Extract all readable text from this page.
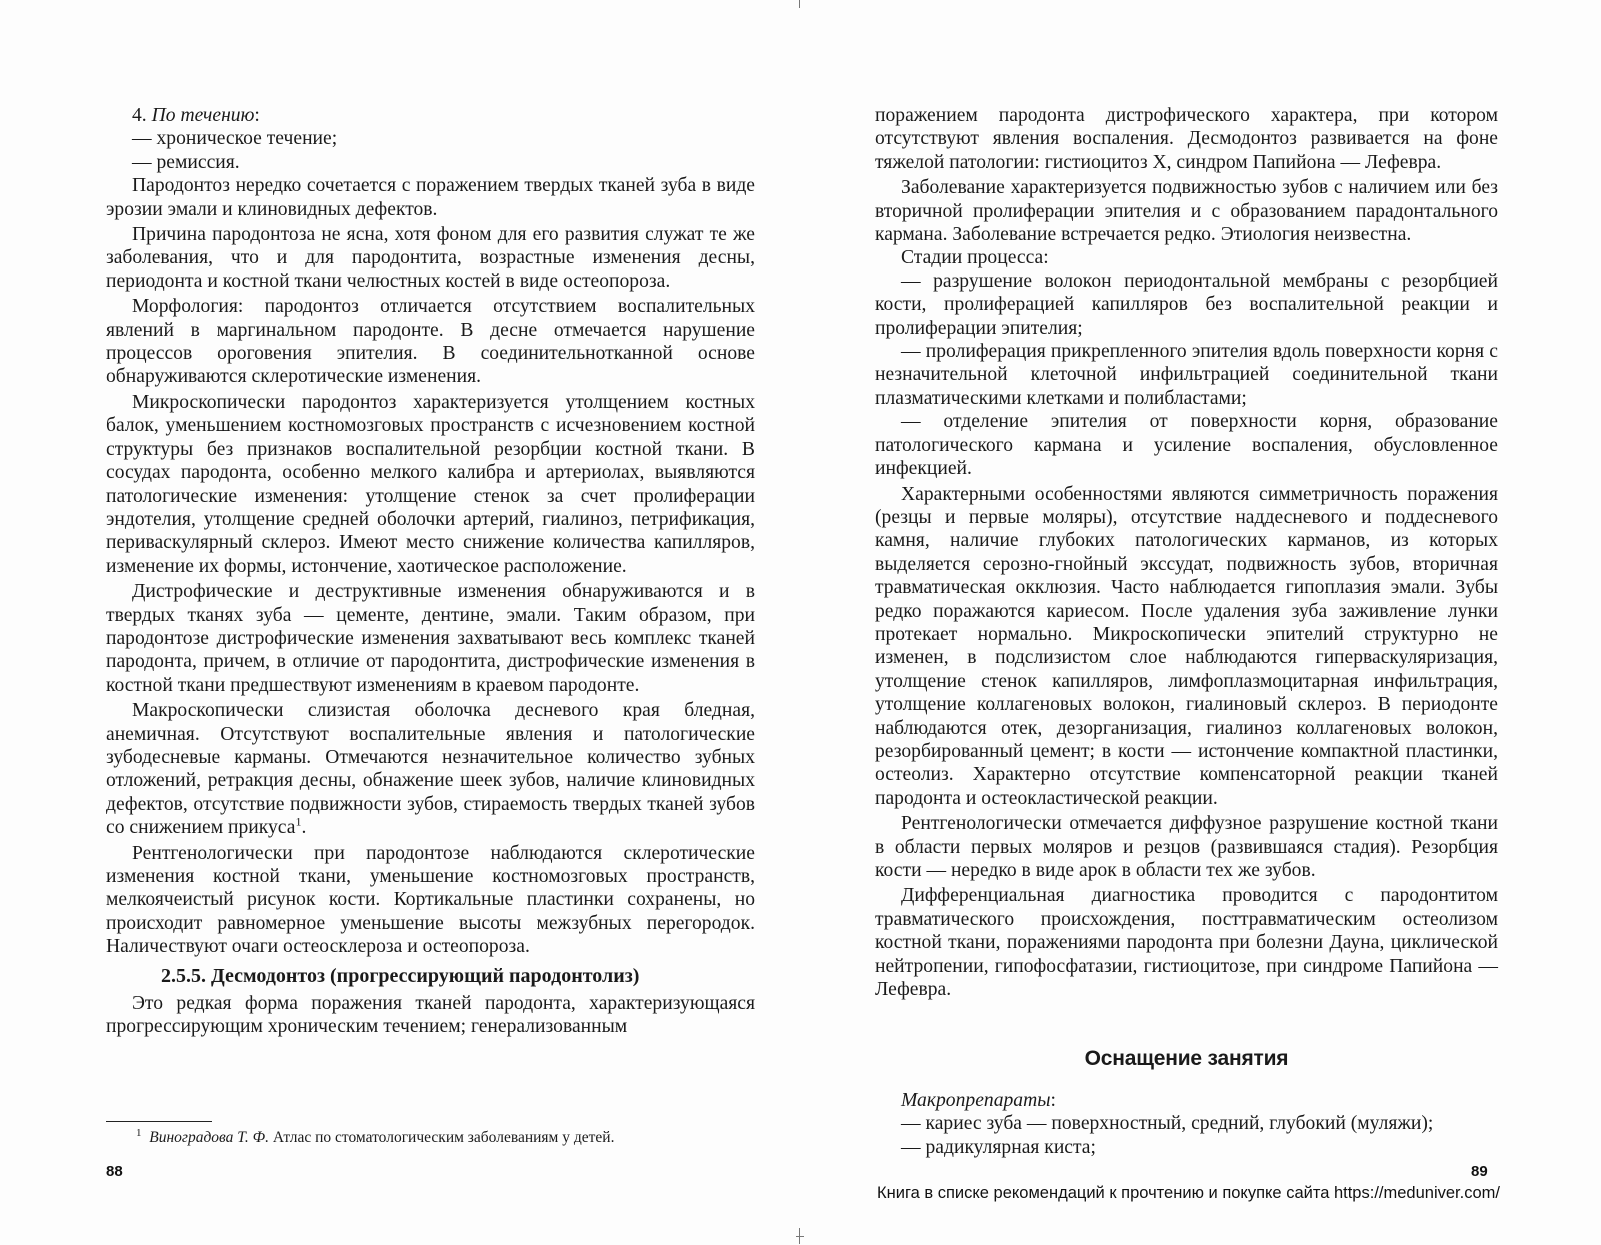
4. По течению:

— хроническое течение;

— ремиссия.

Пародонтоз нередко сочетается с поражением твердых тканей зуба в виде эрозии эмали и клиновидных дефектов.

Причина пародонтоза не ясна, хотя фоном для его развития служат те же заболевания, что и для пародонтита, возрастные изменения десны, периодонта и костной ткани челюстных костей в виде остеопороза.

Морфология: пародонтоз отличается отсутствием воспалительных явлений в маргинальном пародонте. В десне отмечается нарушение процессов ороговения эпителия. В соединительнотканной основе обнаруживаются склеротические изменения.

Микроскопически пародонтоз характеризуется утолщением костных балок, уменьшением костномозговых пространств с исчезновением костной структуры без признаков воспалительной резорбции костной ткани. В сосудах пародонта, особенно мелкого калибра и артериолах, выявляются патологические изменения: утолщение стенок за счет пролиферации эндотелия, утолщение средней оболочки артерий, гиалиноз, петрификация, периваскулярный склероз. Имеют место снижение количества капилляров, изменение их формы, истончение, хаотическое расположение.

Дистрофические и деструктивные изменения обнаруживаются и в твердых тканях зуба — цементе, дентине, эмали. Таким образом, при пародонтозе дистрофические изменения захватывают весь комплекс тканей пародонта, причем, в отличие от пародонтита, дистрофические изменения в костной ткани предшествуют изменениям в краевом пародонте.

Макроскопически слизистая оболочка десневого края бледная, анемичная. Отсутствуют воспалительные явления и патологические зубодесневые карманы. Отмечаются незначительное количество зубных отложений, ретракция десны, обнажение шеек зубов, наличие клиновидных дефектов, отсутствие подвижности зубов, стираемость твердых тканей зубов со снижением прикуса$^1$.

Рентгенологически при пародонтозе наблюдаются склеротические изменения костной ткани, уменьшение костномозговых пространств, мелкоячеистый рисунок кости. Кортикальные пластинки сохранены, но происходит равномерное уменьшение высоты межзубных перегородок. Наличествуют очаги остеосклероза и остеопороза.

2.5.5. Десмодонтоз (прогрессирующий пародонтолиз)

Это редкая форма поражения тканей пародонта, характеризующаяся прогрессирующим хроническим течением; генерализованным

$^1$ Виноградова Т. Ф. Атлас по стоматологическим заболеваниям у детей.
88

поражением пародонта дистрофического характера, при котором отсутствуют явления воспаления. Десмодонтоз развивается на фоне тяжелой патологии: гистиоцитоз Х, синдром Папийона — Лефевра.

Заболевание характеризуется подвижностью зубов с наличием или без вторичной пролиферации эпителия и с образованием парадонтального кармана. Заболевание встречается редко. Этиология неизвестна.

Стадии процесса:

— разрушение волокон периодонтальной мембраны с резорбцией кости, пролиферацией капилляров без воспалительной реакции и пролиферации эпителия;

— пролиферация прикрепленного эпителия вдоль поверхности корня с незначительной клеточной инфильтрацией соединительной ткани плазматическими клетками и полибластами;

— отделение эпителия от поверхности корня, образование патологического кармана и усиление воспаления, обусловленное инфекцией.

Характерными особенностями являются симметричность поражения (резцы и первые моляры), отсутствие наддесневого и поддесневого камня, наличие глубоких патологических карманов, из которых выделяется серозно-гнойный экссудат, подвижность зубов, вторичная травматическая окклюзия. Часто наблюдается гипоплазия эмали. Зубы редко поражаются кариесом. После удаления зуба заживление лунки протекает нормально. Микроскопически эпителий структурно не изменен, в подслизистом слое наблюдаются гиперваскуляризация, утолщение стенок капилляров, лимфоплазмоцитарная инфильтрация, утолщение коллагеновых волокон, гиалиновый склероз. В периодонте наблюдаются отек, дезорганизация, гиалиноз коллагеновых волокон, резорбированный цемент; в кости — истончение компактной пластинки, остеолиз. Характерно отсутствие компенсаторной реакции тканей пародонта и остеокластической реакции.

Рентгенологически отмечается диффузное разрушение костной ткани в области первых моляров и резцов (развившаяся стадия). Резорбция кости — нередко в виде арок в области тех же зубов.

Дифференциальная диагностика проводится с пародонтитом травматического происхождения, посттравматическим остеолизом костной ткани, поражениями пародонта при болезни Дауна, циклической нейтропении, гипофосфатазии, гистиоцитозе, при синдроме Папийона — Лефевра.

Оснащение занятия

Макропрепараты:

— кариес зуба — поверхностный, средний, глубокий (муляжи);

— радикулярная киста;

89
Книга в списке рекомендаций к прочтению и покупке сайта https://meduniver.com/
